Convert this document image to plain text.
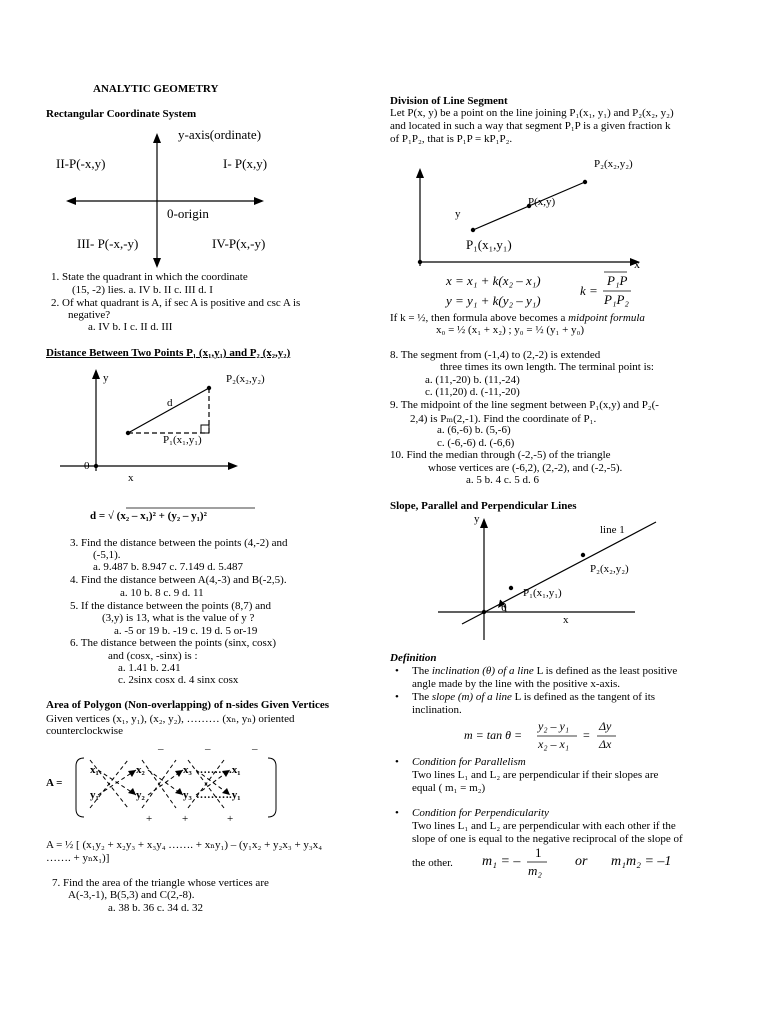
ANALYTIC GEOMETRY
Rectangular Coordinate System
y-axis(ordinate)
II-P(-x,y)	I- P(x,y)
0-origin
III- P(-x,-y)	IV-P(x,-y)
1. State the quadrant in which the coordinate
(15, -2) lies. a. IV b. II c. III d. I
2. Of what quadrant is A, if sec A is positive and csc A is
negative?
a. IV b. I c. II d. III
Distance Between Two Points P₁ (x₁,y₁) and P₂ (x₂,y₂)
y	P₂(x₂,y₂)
d
P₁(x₁,y₁)
0
x
d = √ (x₂ – x₁)² + (y₂ – y₁)²
3. Find the distance between the points (4,-2) and
(-5,1).
a. 9.487 b. 8.947 c. 7.149 d. 5.487
4. Find the distance between A(4,-3) and B(-2,5).
a. 10 b. 8 c. 9 d. 11
5. If the distance between the points (8,7) and
(3,y) is 13, what is the value of y ?
a. -5 or 19 b. -19 c. 19 d. 5 or-19
6. The distance between the points (sinx, cosx)
and (cosx, -sinx) is :
a. 1.41 b. 2.41
c. 2sinx cosx d. 4 sinx cosx
Area of Polygon (Non-overlapping) of n-sides Given Vertices
Given vertices (x₁, y₁), (x₂, y₂), ……… (xₙ, yₙ) oriented
counterclockwise
A =
–	–	–
x₁	x₂	x₃ ……….x₁
y₁	y₂	y₃ ……….y₁
+	+	+
A = ½ [ (x₁y₂ + x₂y₃ + x₃y₄ ……. + xₙy₁) – (y₁x₂ + y₂x₃ + y₃x₄
……. + yₙx₁)]
7. Find the area of the triangle whose vertices are
A(-3,-1), B(5,3) and C(2,-8).
a. 38 b. 36 c. 34 d. 32
Division of Line Segment
Let P(x, y) be a point on the line joining P₁(x₁, y₁) and P₂(x₂, y₂)
and located in such a way that segment P₁P is a given fraction k
of P₁P₂, that is P₁P = kP₁P₂.
P₂(x₂,y₂)
P(x,y)
y
P₁(x₁,y₁)
x
x = x₁ + k(x₂ – x₁)
y = y₁ + k(y₂ – y₁)
k =
P₁P
P₁P₂
If k = ½, then formula above becomes a midpoint formula
x₀ = ½ (x₁ + x₂) ; y₀ = ½ (y₁ + y₀)
8. The segment from (-1,4) to (2,-2) is extended
three times its own length. The terminal point is:
a. (11,-20) b. (11,-24)
c. (11,20) d. (-11,-20)
9. The midpoint of the line segment between P₁(x,y) and P₂(-
2,4) is Pₘ(2,-1). Find the coordinate of P₁.
a. (6,-6) b. (5,-6)
c. (-6,-6) d. (-6,6)
10. Find the median through (-2,-5) of the triangle
whose vertices are (-6,2), (2,-2), and (-2,-5).
a. 5 b. 4 c. 5 d. 6
Slope, Parallel and Perpendicular Lines
y
line 1
P₂(x₂,y₂)
P₁(x₁,y₁)
θ
x
Definition
• The inclination (θ) of a line L is defined as the least positive
angle made by the line with the positive x-axis.
• The slope (m) of a line L is defined as the tangent of its
inclination.
m = tan θ =
y₂ – y₁
x₂ – x₁
=
Δy
Δx
• Condition for Parallelism
Two lines L₁ and L₂ are perpendicular if their slopes are
equal ( m₁ = m₂)
• Condition for Perpendicularity
Two lines L₁ and L₂ are perpendicular with each other if the
slope of one is equal to the negative reciprocal of the slope of
the other. m₁ = –
1
m₂
or m₁m₂ = –1
